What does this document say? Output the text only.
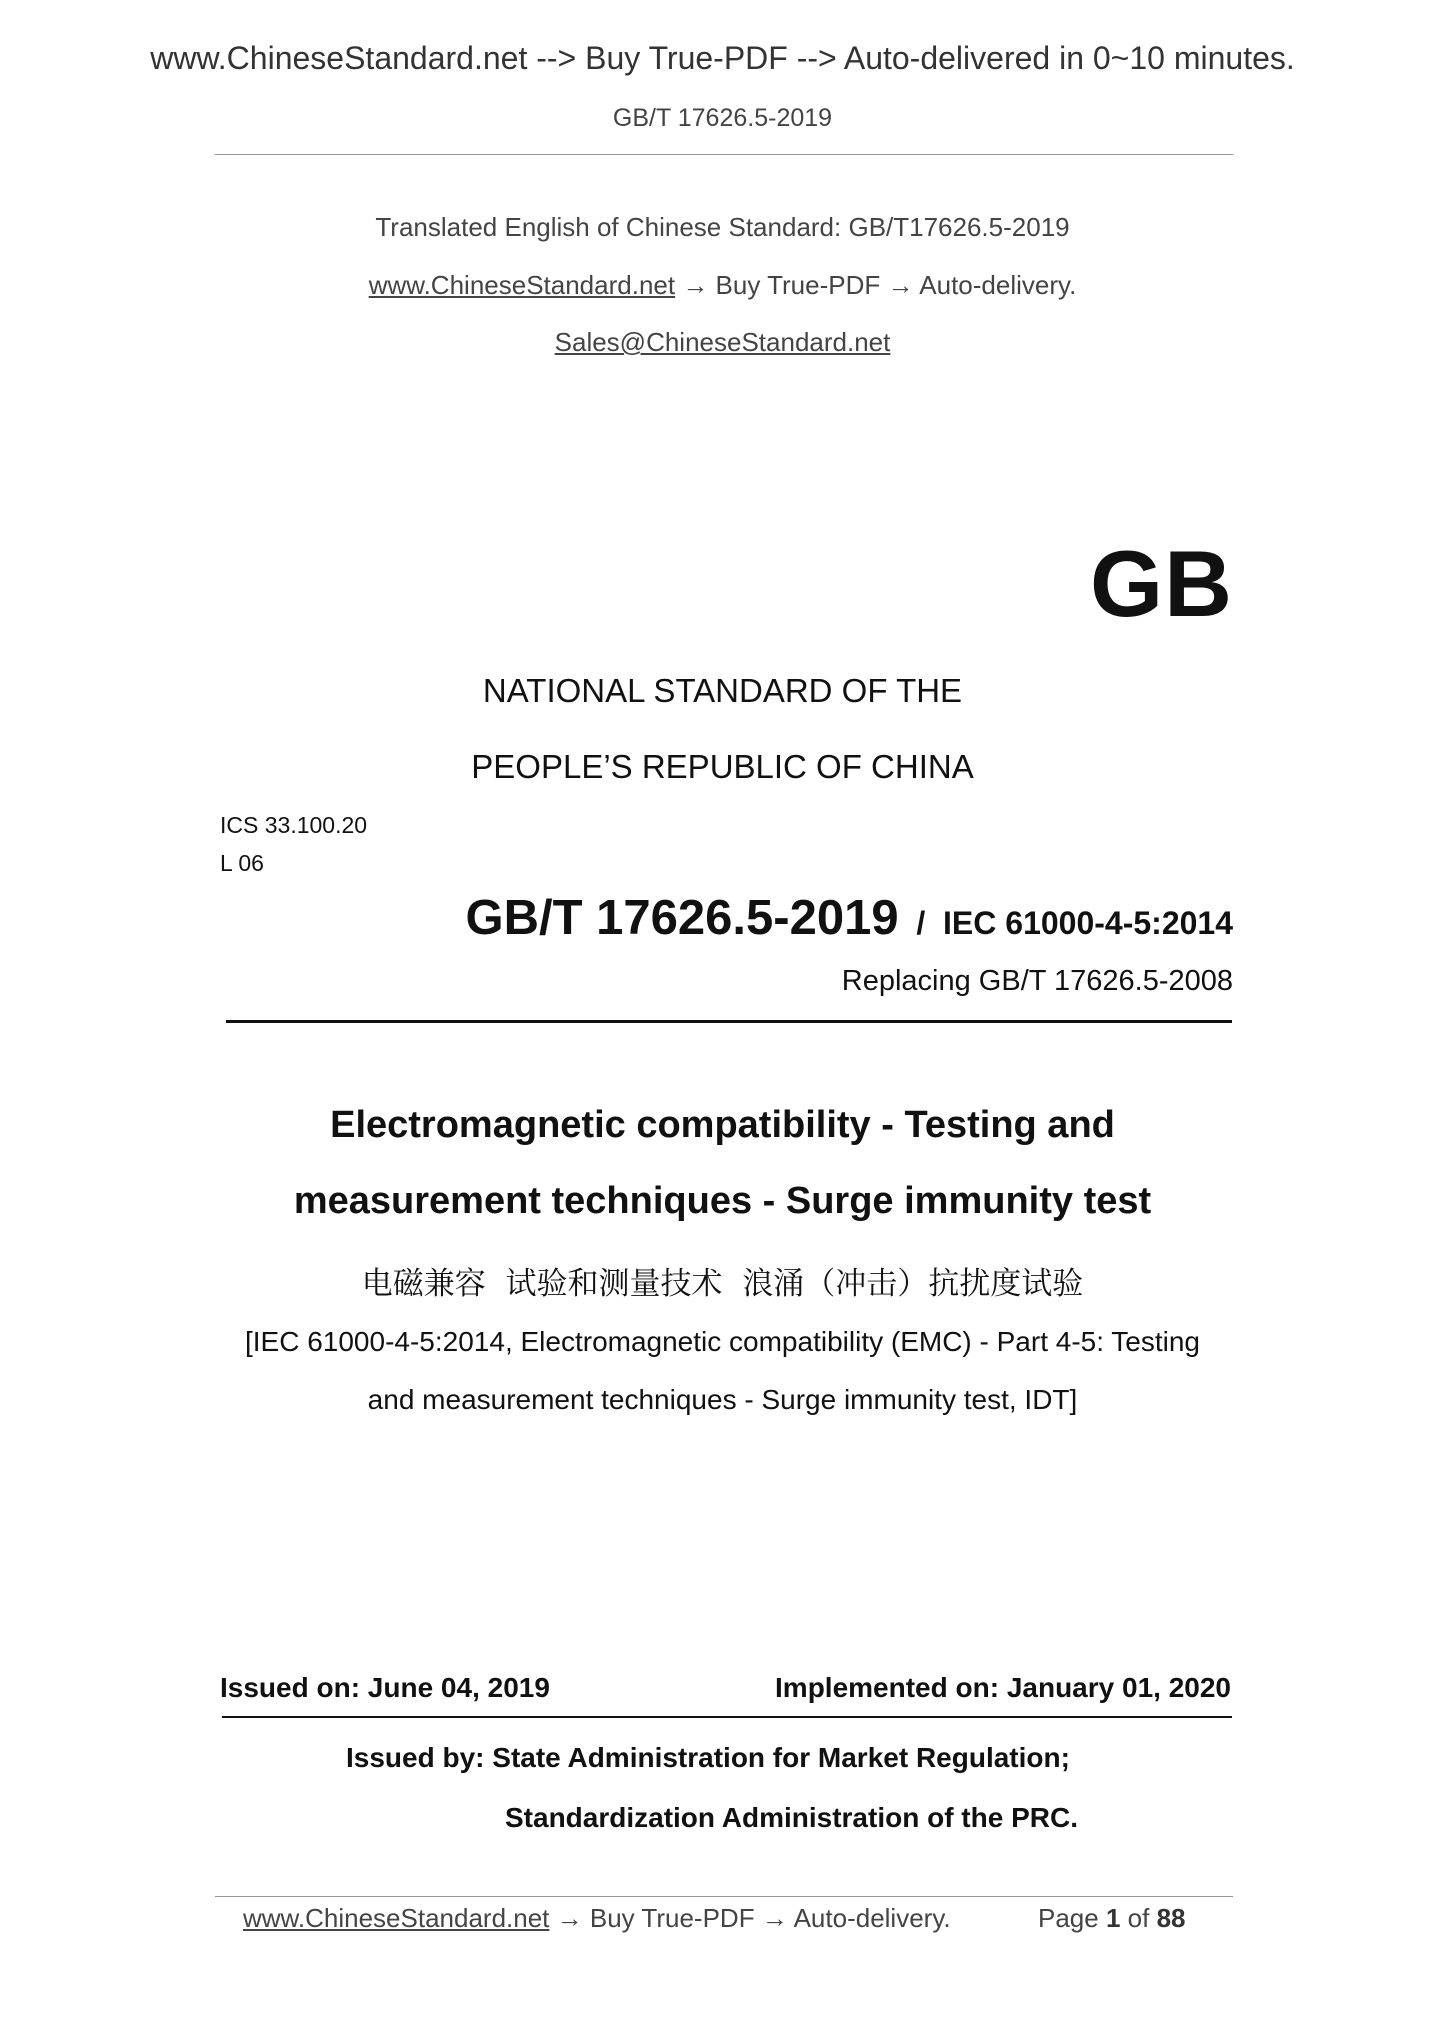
www.ChineseStandard.net --> Buy True-PDF --> Auto-delivered in 0~10 minutes.
GB/T 17626.5-2019
Translated English of Chinese Standard: GB/T17626.5-2019
www.ChineseStandard.net → Buy True-PDF → Auto-delivery.
Sales@ChineseStandard.net
GB
NATIONAL STANDARD OF THE
PEOPLE’S REPUBLIC OF CHINA
ICS 33.100.20
L 06
GB/T 17626.5-2019  /  IEC 61000-4-5:2014
Replacing GB/T 17626.5-2008
Electromagnetic compatibility - Testing and
measurement techniques - Surge immunity test
电磁兼容  试验和测量技术  浪涌（冲击）抗扰度试验
[IEC 61000-4-5:2014, Electromagnetic compatibility (EMC) - Part 4-5: Testing
and measurement techniques - Surge immunity test, IDT]
Issued on: June 04, 2019	Implemented on: January 01, 2020
Issued by: State Administration for Market Regulation;
Standardization Administration of the PRC.
www.ChineseStandard.net → Buy True-PDF → Auto-delivery.	Page 1 of 88
